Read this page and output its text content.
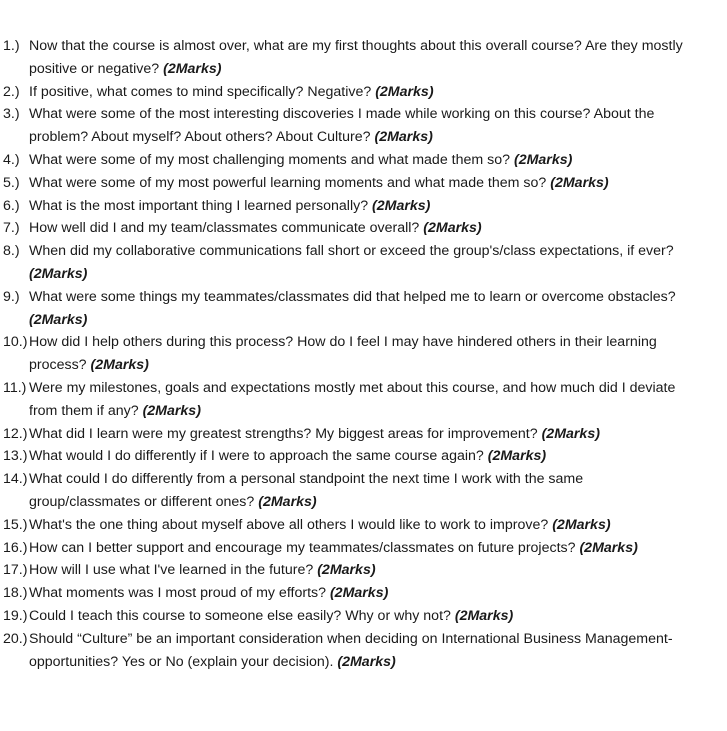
1.) Now that the course is almost over, what are my first thoughts about this overall course? Are they mostly positive or negative? (2Marks)
2.) If positive, what comes to mind specifically? Negative? (2Marks)
3.) What were some of the most interesting discoveries I made while working on this course? About the problem? About myself? About others? About Culture? (2Marks)
4.) What were some of my most challenging moments and what made them so? (2Marks)
5.) What were some of my most powerful learning moments and what made them so? (2Marks)
6.) What is the most important thing I learned personally? (2Marks)
7.) How well did I and my team/classmates communicate overall? (2Marks)
8.) When did my collaborative communications fall short or exceed the group's/class expectations, if ever? (2Marks)
9.) What were some things my teammates/classmates did that helped me to learn or overcome obstacles? (2Marks)
10.) How did I help others during this process? How do I feel I may have hindered others in their learning process? (2Marks)
11.) Were my milestones, goals and expectations mostly met about this course, and how much did I deviate from them if any? (2Marks)
12.) What did I learn were my greatest strengths? My biggest areas for improvement? (2Marks)
13.) What would I do differently if I were to approach the same course again? (2Marks)
14.) What could I do differently from a personal standpoint the next time I work with the same group/classmates or different ones? (2Marks)
15.) What's the one thing about myself above all others I would like to work to improve? (2Marks)
16.) How can I better support and encourage my teammates/classmates on future projects? (2Marks)
17.) How will I use what I've learned in the future? (2Marks)
18.) What moments was I most proud of my efforts? (2Marks)
19.) Could I teach this course to someone else easily? Why or why not? (2Marks)
20.) Should “Culture” be an important consideration when deciding on International Business Management- opportunities? Yes or No (explain your decision). (2Marks)
